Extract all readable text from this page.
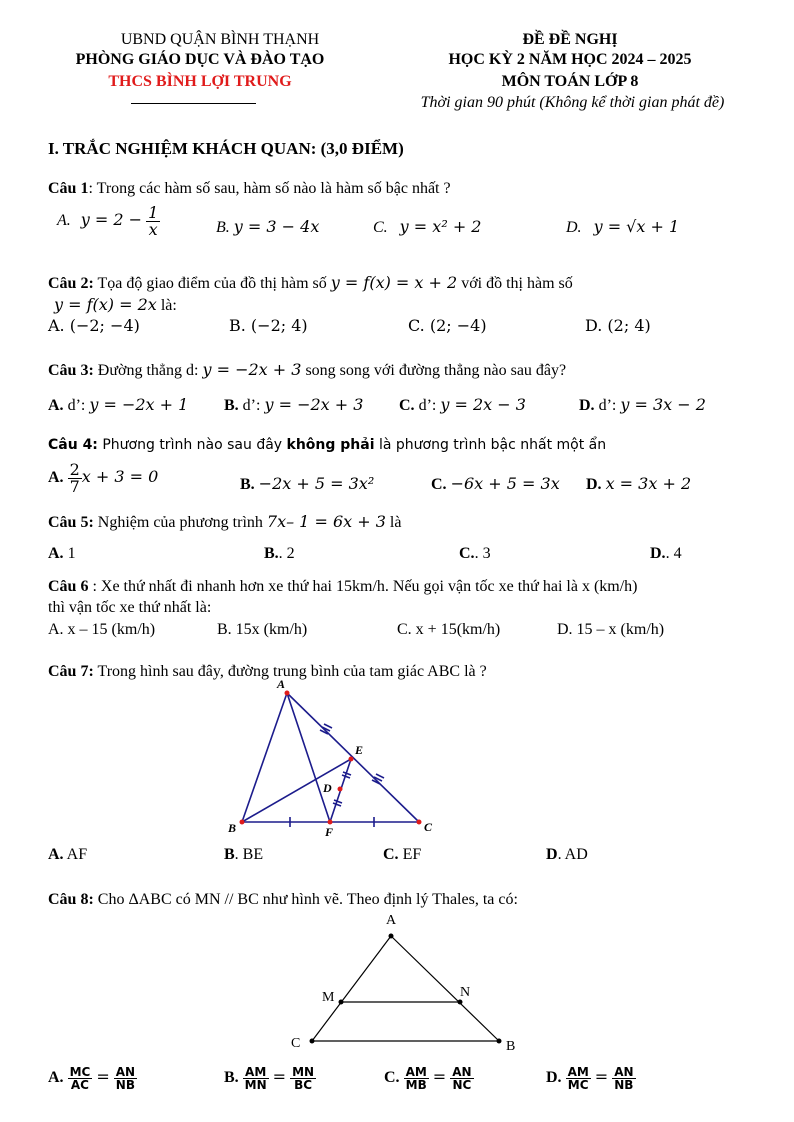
UBND QUẬN BÌNH THẠNH
PHÒNG GIÁO DỤC VÀ ĐÀO TẠO
THCS BÌNH LỢI TRUNG
ĐỀ ĐỀ NGHỊ
HỌC KỲ 2 NĂM HỌC 2024 – 2025
MÔN TOÁN LỚP 8
Thời gian 90 phút (Không kể thời gian phát đề)
I. TRẮC NGHIỆM KHÁCH QUAN: (3,0 ĐIỂM)
Câu 1: Trong các hàm số sau, hàm số nào là hàm số bậc nhất ?
A. $y = 2 - \frac{1}{x}$	B. y = 3 − 4x	C. y = x² + 2	D. y = √x + 1
Câu 2: Tọa độ giao điểm của đồ thị hàm số y = f(x) = x + 2 với đồ thị hàm số
y = f(x) = 2x là:
A. (−2; −4)	B. (−2; 4)	C. (2; −4)	D. (2; 4)
Câu 3: Đường thẳng d: y = −2x + 3 song song với đường thẳng nào sau đây?
A. d’: y = −2x + 1 B. d’: y = −2x + 3 C. d’: y = 2x − 3	D. d’: y = 3x − 2
Câu 4: Phương trình nào sau đây không phải là phương trình bậc nhất một ẩn
A. $\frac{2}{7}$ x + 3 = 0	B. −2x + 5 = 3x²	C. −6x + 5 = 3x D. x = 3x + 2
Câu 5: Nghiệm của phương trình 7x– 1 = 6x + 3 là
A. 1	B.. 2	C.. 3	D.. 4
Câu 6 : Xe thứ nhất đi nhanh hơn xe thứ hai 15km/h. Nếu gọi vận tốc xe thứ hai là x (km/h)
thì vận tốc xe thứ nhất là:
A. x – 15 (km/h)	B. 15x (km/h)	C. x + 15(km/h)	D. 15 – x (km/h)
Câu 7: Trong hình sau đây, đường trung bình của tam giác ABC là ?
A
B	C
D
E
F
A. AF	B. BE	C. EF	D. AD
Câu 8: Cho ΔABC có MN // BC như hình vẽ. Theo định lý Thales, ta có:
A
M	N
C	B
A. $\frac{MC}{AC} = \frac{AN}{NB}$	B. $\frac{AM}{MN} = \frac{MN}{BC}$	C. $\frac{AM}{MB} = \frac{AN}{NC}$	D. $\frac{AM}{MC} = \frac{AN}{NB}$
